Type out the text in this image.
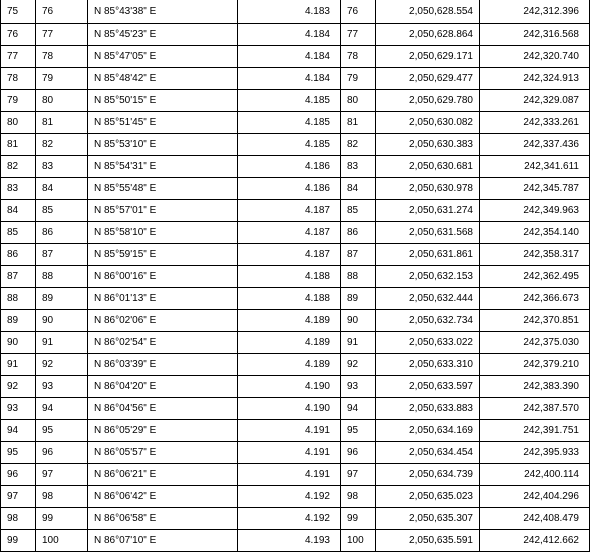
75	76	N 85°43'38" E	4.183	76	2,050,628.554	242,312.396
76	77	N 85°45'23" E	4.184	77	2,050,628.864	242,316.568
77	78	N 85°47'05" E	4.184	78	2,050,629.171	242,320.740
78	79	N 85°48'42" E	4.184	79	2,050,629.477	242,324.913
79	80	N 85°50'15" E	4.185	80	2,050,629.780	242,329.087
80	81	N 85°51'45" E	4.185	81	2,050,630.082	242,333.261
81	82	N 85°53'10" E	4.185	82	2,050,630.383	242,337.436
82	83	N 85°54'31" E	4.186	83	2,050,630.681	242,341.611
83	84	N 85°55'48" E	4.186	84	2,050,630.978	242,345.787
84	85	N 85°57'01" E	4.187	85	2,050,631.274	242,349.963
85	86	N 85°58'10" E	4.187	86	2,050,631.568	242,354.140
86	87	N 85°59'15" E	4.187	87	2,050,631.861	242,358.317
87	88	N 86°00'16" E	4.188	88	2,050,632.153	242,362.495
88	89	N 86°01'13" E	4.188	89	2,050,632.444	242,366.673
89	90	N 86°02'06" E	4.189	90	2,050,632.734	242,370.851
90	91	N 86°02'54" E	4.189	91	2,050,633.022	242,375.030
91	92	N 86°03'39" E	4.189	92	2,050,633.310	242,379.210
92	93	N 86°04'20" E	4.190	93	2,050,633.597	242,383.390
93	94	N 86°04'56" E	4.190	94	2,050,633.883	242,387.570
94	95	N 86°05'29" E	4.191	95	2,050,634.169	242,391.751
95	96	N 86°05'57" E	4.191	96	2,050,634.454	242,395.933
96	97	N 86°06'21" E	4.191	97	2,050,634.739	242,400.114
97	98	N 86°06'42" E	4.192	98	2,050,635.023	242,404.296
98	99	N 86°06'58" E	4.192	99	2,050,635.307	242,408.479
99	100	N 86°07'10" E	4.193	100	2,050,635.591	242,412.662
